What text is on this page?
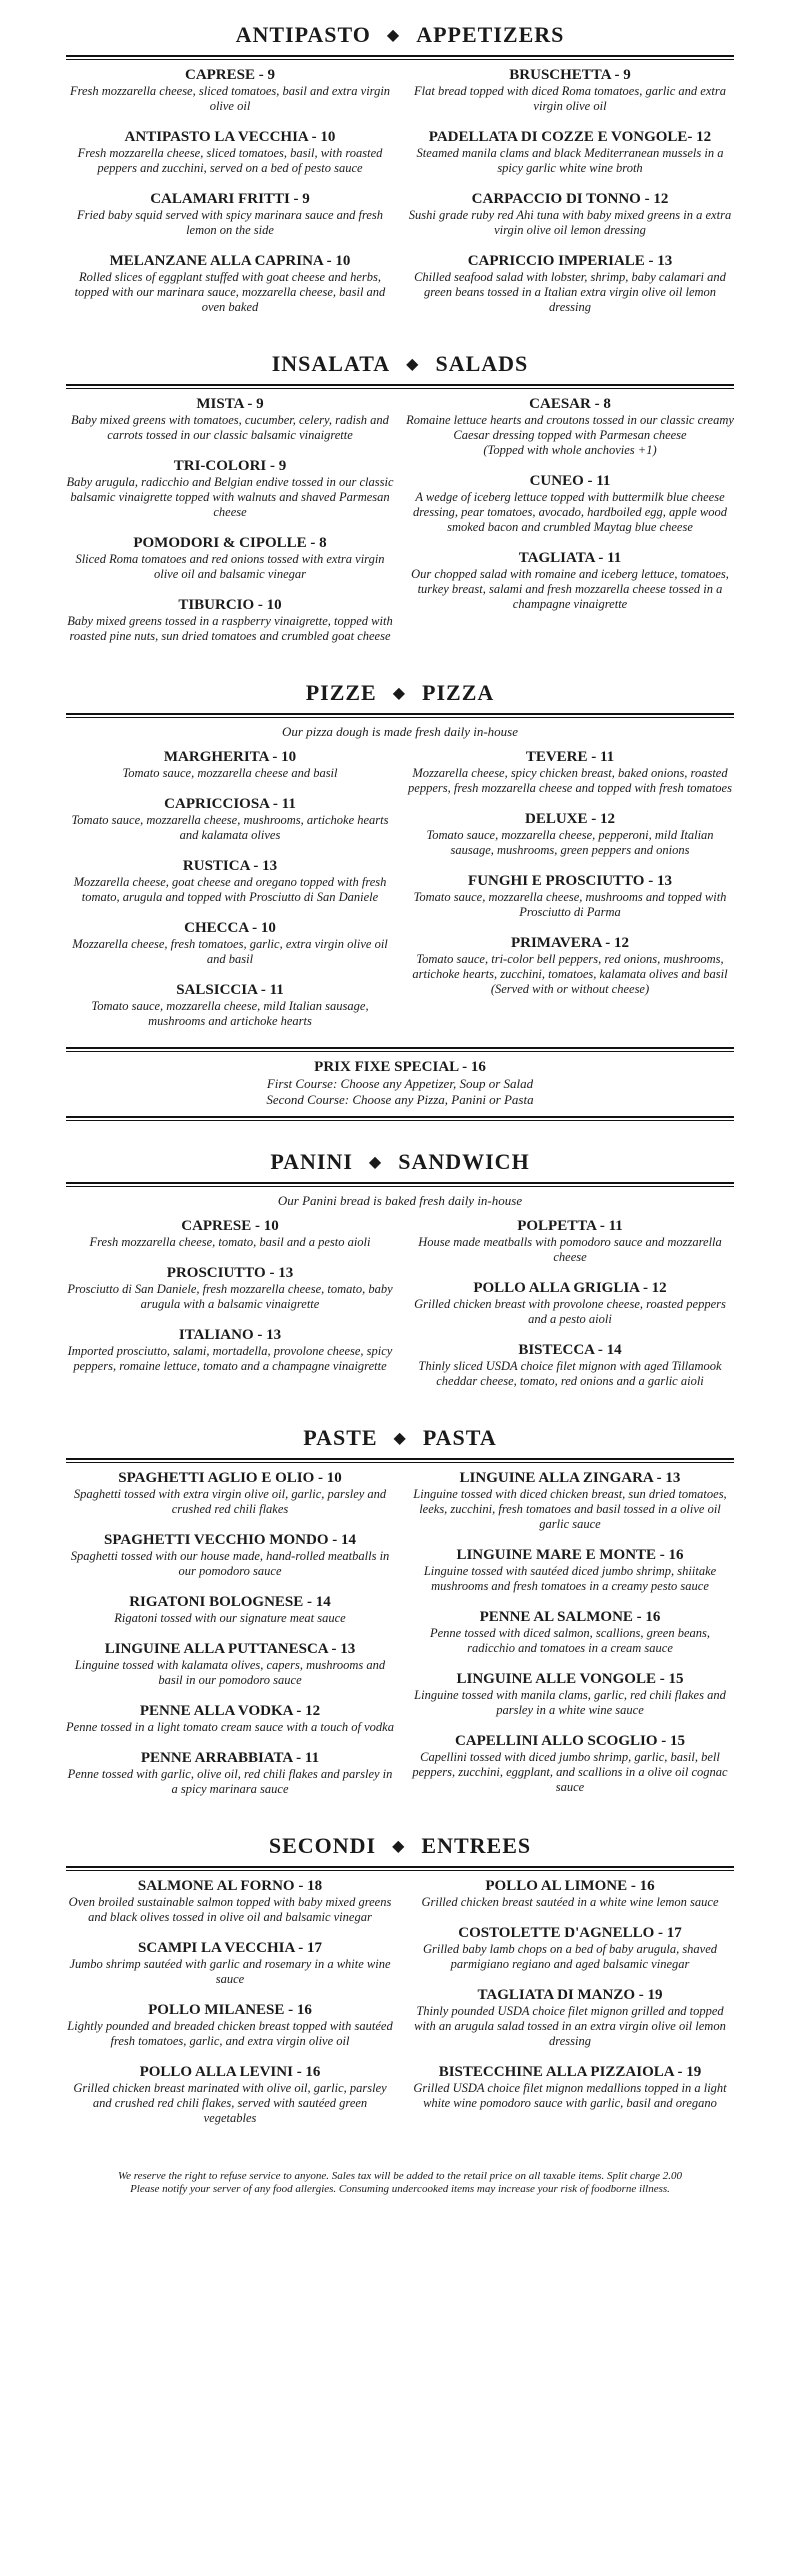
ANTIPASTO ◆ APPETIZERS
CAPRESE - 9
Fresh mozzarella cheese, sliced tomatoes, basil and extra virgin olive oil
ANTIPASTO LA VECCHIA - 10
Fresh mozzarella cheese, sliced tomatoes, basil, with roasted peppers and zucchini, served on a bed of pesto sauce
CALAMARI FRITTI - 9
Fried baby squid served with spicy marinara sauce and fresh lemon on the side
MELANZANE ALLA CAPRINA - 10
Rolled slices of eggplant stuffed with goat cheese and herbs, topped with our marinara sauce, mozzarella cheese, basil and oven baked
BRUSCHETTA - 9
Flat bread topped with diced Roma tomatoes, garlic and extra virgin olive oil
PADELLATA DI COZZE E VONGOLE- 12
Steamed manila clams and black Mediterranean mussels in a spicy garlic white wine broth
CARPACCIO DI TONNO - 12
Sushi grade ruby red Ahi tuna with baby mixed greens in a extra virgin olive oil lemon dressing
CAPRICCIO IMPERIALE - 13
Chilled seafood salad with lobster, shrimp, baby calamari and green beans tossed in a Italian extra virgin olive oil lemon dressing
INSALATA ◆ SALADS
MISTA - 9
Baby mixed greens with tomatoes, cucumber, celery, radish and carrots tossed in our classic balsamic vinaigrette
TRI-COLORI - 9
Baby arugula, radicchio and Belgian endive tossed in our classic balsamic vinaigrette topped with walnuts and shaved Parmesan cheese
POMODORI & CIPOLLE - 8
Sliced Roma tomatoes and red onions tossed with extra virgin olive oil and balsamic vinegar
TIBURCIO - 10
Baby mixed greens tossed in a raspberry vinaigrette, topped with roasted pine nuts, sun dried tomatoes and crumbled goat cheese
CAESAR - 8
Romaine lettuce hearts and croutons tossed in our classic creamy Caesar dressing topped with Parmesan cheese
(Topped with whole anchovies +1)
CUNEO - 11
A wedge of iceberg lettuce topped with buttermilk blue cheese dressing, pear tomatoes, avocado, hardboiled egg, apple wood smoked bacon and crumbled Maytag blue cheese
TAGLIATA - 11
Our chopped salad with romaine and iceberg lettuce, tomatoes, turkey breast, salami and fresh mozzarella cheese tossed in a champagne vinaigrette
PIZZE ◆ PIZZA
Our pizza dough is made fresh daily in-house
MARGHERITA - 10
Tomato sauce, mozzarella cheese and basil
CAPRICCIOSA - 11
Tomato sauce, mozzarella cheese, mushrooms, artichoke hearts and kalamata olives
RUSTICA - 13
Mozzarella cheese, goat cheese and oregano topped with fresh tomato, arugula and topped with Prosciutto di San Daniele
CHECCA - 10
Mozzarella cheese, fresh tomatoes, garlic, extra virgin olive oil and basil
SALSICCIA - 11
Tomato sauce, mozzarella cheese, mild Italian sausage, mushrooms and artichoke hearts
TEVERE - 11
Mozzarella cheese, spicy chicken breast, baked onions, roasted peppers, fresh mozzarella cheese and topped with fresh tomatoes
DELUXE - 12
Tomato sauce, mozzarella cheese, pepperoni, mild Italian sausage, mushrooms, green peppers and onions
FUNGHI E PROSCIUTTO - 13
Tomato sauce, mozzarella cheese, mushrooms and topped with Prosciutto di Parma
PRIMAVERA - 12
Tomato sauce, tri-color bell peppers, red onions, mushrooms, artichoke hearts, zucchini, tomatoes, kalamata olives and basil
(Served with or without cheese)
PRIX FIXE SPECIAL - 16
First Course: Choose any Appetizer, Soup or Salad
Second Course: Choose any Pizza, Panini or Pasta
PANINI ◆ SANDWICH
Our Panini bread is baked fresh daily in-house
CAPRESE - 10
Fresh mozzarella cheese, tomato, basil and a pesto aioli
PROSCIUTTO - 13
Prosciutto di San Daniele, fresh mozzarella cheese, tomato, baby arugula with a balsamic vinaigrette
ITALIANO - 13
Imported prosciutto, salami, mortadella, provolone cheese, spicy peppers, romaine lettuce, tomato and a champagne vinaigrette
POLPETTA - 11
House made meatballs with pomodoro sauce and mozzarella cheese
POLLO ALLA GRIGLIA - 12
Grilled chicken breast with provolone cheese, roasted peppers and a pesto aioli
BISTECCA - 14
Thinly sliced USDA choice filet mignon with aged Tillamook cheddar cheese, tomato, red onions and a garlic aioli
PASTE ◆ PASTA
SPAGHETTI AGLIO E OLIO - 10
Spaghetti tossed with extra virgin olive oil, garlic, parsley and crushed red chili flakes
SPAGHETTI VECCHIO MONDO - 14
Spaghetti tossed with our house made, hand-rolled meatballs in our pomodoro sauce
RIGATONI BOLOGNESE - 14
Rigatoni tossed with our signature meat sauce
LINGUINE ALLA PUTTANESCA - 13
Linguine tossed with kalamata olives, capers, mushrooms and basil in our pomodoro sauce
PENNE ALLA VODKA - 12
Penne tossed in a light tomato cream sauce with a touch of vodka
PENNE ARRABBIATA - 11
Penne tossed with garlic, olive oil, red chili flakes and parsley in a spicy marinara sauce
LINGUINE ALLA ZINGARA - 13
Linguine tossed with diced chicken breast, sun dried tomatoes, leeks, zucchini, fresh tomatoes and basil tossed in a olive oil garlic sauce
LINGUINE MARE E MONTE - 16
Linguine tossed with sautéed diced jumbo shrimp, shiitake mushrooms and fresh tomatoes in a creamy pesto sauce
PENNE AL SALMONE - 16
Penne tossed with diced salmon, scallions, green beans, radicchio and tomatoes in a cream sauce
LINGUINE ALLE VONGOLE - 15
Linguine tossed with manila clams, garlic, red chili flakes and parsley in a white wine sauce
CAPELLINI ALLO SCOGLIO - 15
Capellini tossed with diced jumbo shrimp, garlic, basil, bell peppers, zucchini, eggplant, and scallions in a olive oil cognac sauce
SECONDI ◆ ENTREES
SALMONE AL FORNO - 18
Oven broiled sustainable salmon topped with baby mixed greens and black olives tossed in olive oil and balsamic vinegar
SCAMPI LA VECCHIA - 17
Jumbo shrimp sautéed with garlic and rosemary in a white wine sauce
POLLO MILANESE - 16
Lightly pounded and breaded chicken breast topped with sautéed fresh tomatoes, garlic, and extra virgin olive oil
POLLO ALLA LEVINI - 16
Grilled chicken breast marinated with olive oil, garlic, parsley and crushed red chili flakes, served with sautéed green vegetables
POLLO AL LIMONE - 16
Grilled chicken breast sautéed in a white wine lemon sauce
COSTOLETTE D'AGNELLO - 17
Grilled baby lamb chops on a bed of baby arugula, shaved parmigiano regiano and aged balsamic vinegar
TAGLIATA DI MANZO - 19
Thinly pounded USDA choice filet mignon grilled and topped with an arugula salad tossed in an extra virgin olive oil lemon dressing
BISTECCHINE ALLA PIZZAIOLA - 19
Grilled USDA choice filet mignon medallions topped in a light white wine pomodoro sauce with garlic, basil and oregano
We reserve the right to refuse service to anyone. Sales tax will be added to the retail price on all taxable items. Split charge 2.00
Please notify your server of any food allergies. Consuming undercooked items may increase your risk of foodborne illness.
